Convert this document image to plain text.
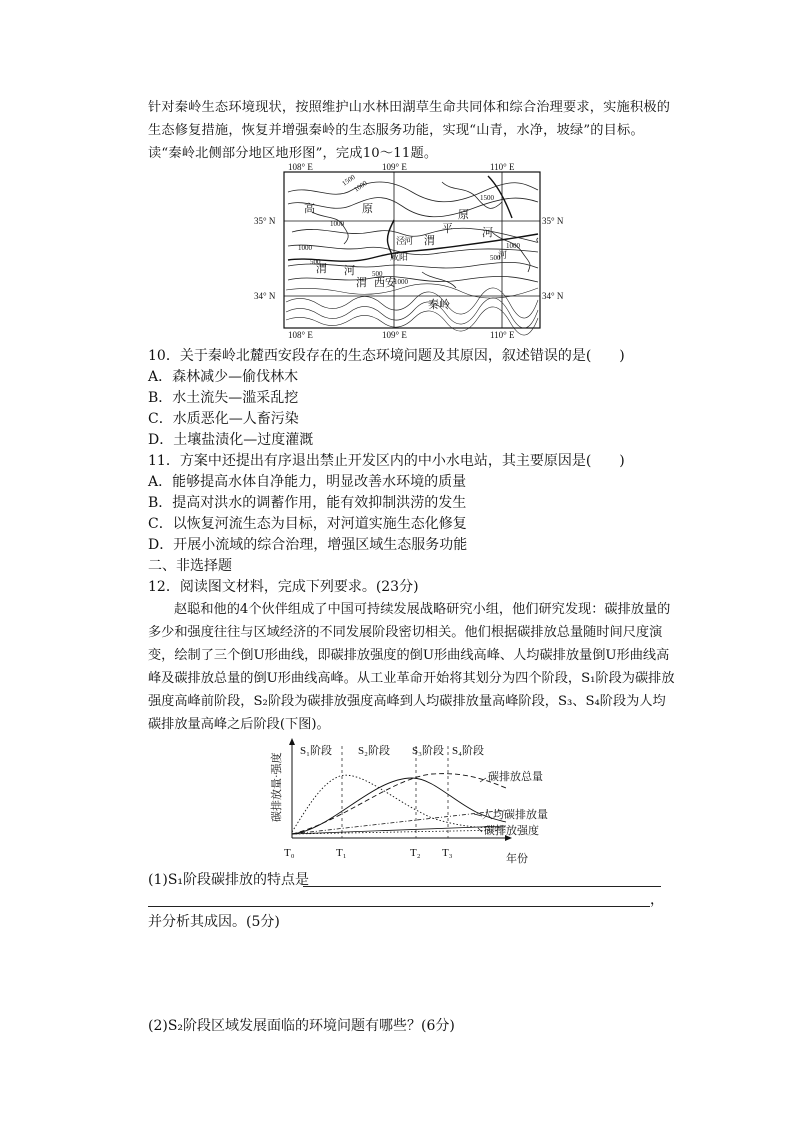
针对秦岭生态环境现状，按照维护山水林田湖草生命共同体和综合治理要求，实施积极的生态修复措施，恢复并增强秦岭的生态服务功能，实现“山青，水净，坡绿”的目标。读“秦岭北侧部分地区地形图”，完成10～11题。

108° E	109° E	110° E
108° E	109° E	110° E
35° N
34° N
35° N
34° N
1500
1000
1500
1000
500
1000
500
1000
1000
500
高	原	原
渭
平	河
渭 河
渭 西安
秦岭
泾
河
咸阳	河
10．关于秦岭北麓西安段存在的生态环境问题及其原因，叙述错误的是(　　)
A．森林减少—偷伐林木
B．水土流失—滥采乱挖
C．水质恶化—人畜污染
D．土壤盐渍化—过度灌溉
11．方案中还提出有序退出禁止开发区内的中小水电站，其主要原因是(　　)
A．能够提高水体自净能力，明显改善水环境的质量
B．提高对洪水的调蓄作用，能有效抑制洪涝的发生
C．以恢复河流生态为目标，对河道实施生态化修复
D．开展小流域的综合治理，增强区域生态服务功能
二、非选择题
12．阅读图文材料，完成下列要求。(23分)

赵聪和他的4个伙伴组成了中国可持续发展战略研究小组，他们研究发现：碳排放量的多少和强度往往与区域经济的不同发展阶段密切相关。他们根据碳排放总量随时间尺度演变，绘制了三个倒U形曲线，即碳排放强度的倒U形曲线高峰、人均碳排放量倒U形曲线高峰及碳排放总量的倒U形曲线高峰。从工业革命开始将其划分为四个阶段，S₁阶段为碳排放强度高峰前阶段，S₂阶段为碳排放强度高峰到人均碳排放量高峰阶段，S₃、S₄阶段为人均碳排放量高峰之后阶段(下图)。

S₁阶段 S₂阶段 S₃阶段 S₄阶段
碳排放总量
人均碳排放量
碳排放强度
年份
T₀	T₁	T₂ T₃
碳排放量·强度
(1)S₁阶段碳排放的特点是
，
并分析其成因。(5分)
(2)S₂阶段区域发展面临的环境问题有哪些？(6分)
